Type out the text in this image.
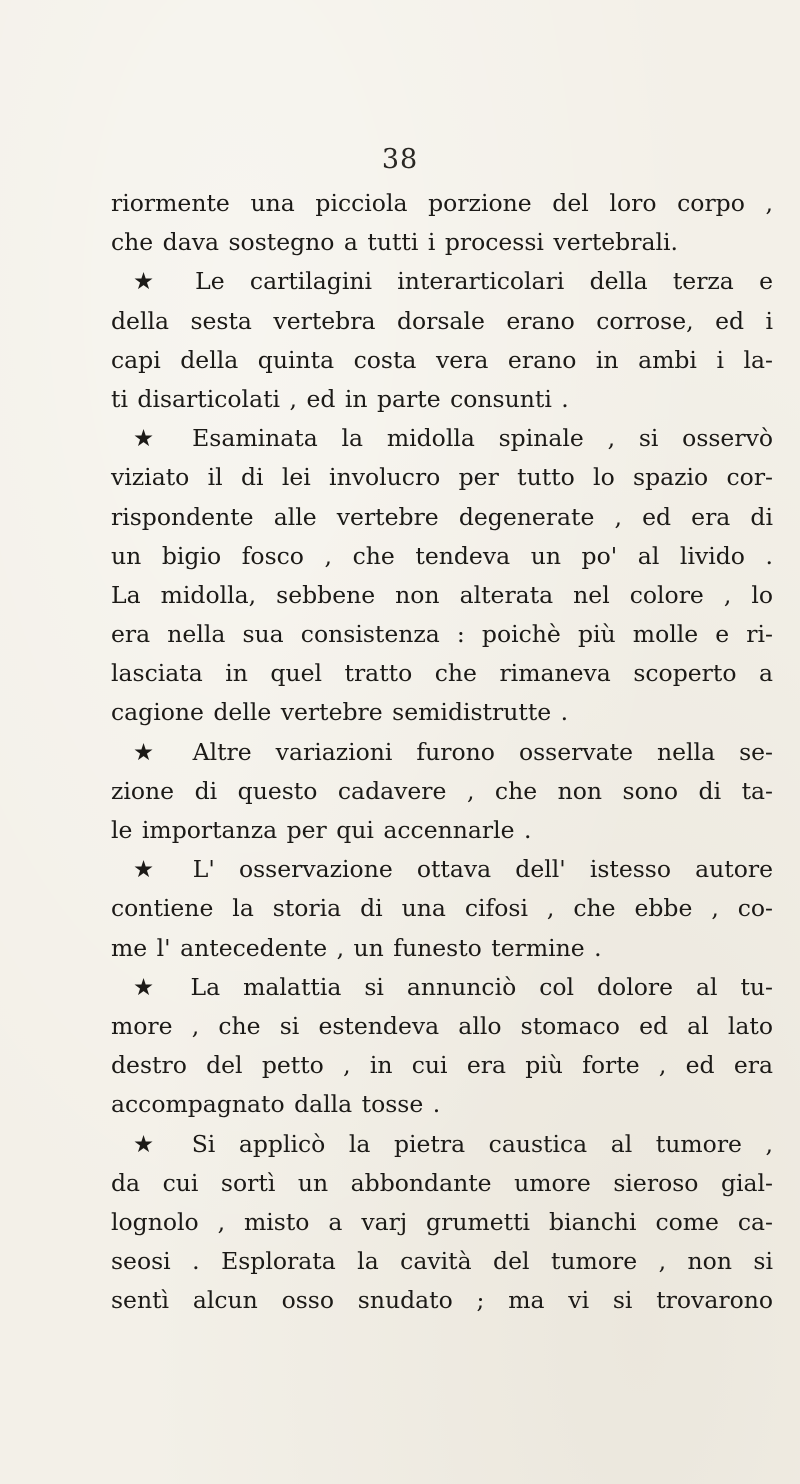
38
riormente una picciola porzione del loro corpo ,
che dava sostegno a tutti i processi vertebrali.
★ Le cartilagini interarticolari della terza e
della sesta vertebra dorsale erano corrose, ed i
capi della quinta costa vera erano in ambi i la-
ti disarticolati , ed in parte consunti .
★ Esaminata la midolla spinale , si osservò
viziato il di lei involucro per tutto lo spazio cor-
rispondente alle vertebre degenerate , ed era di
un bigio fosco , che tendeva un po' al livido .
La midolla, sebbene non alterata nel colore , lo
era nella sua consistenza : poichè più molle e ri-
lasciata in quel tratto che rimaneva scoperto a
cagione delle vertebre semidistrutte .
★ Altre variazioni furono osservate nella se-
zione di questo cadavere , che non sono di ta-
le importanza per qui accennarle .
★ L' osservazione ottava dell' istesso autore
contiene la storia di una cifosi , che ebbe , co-
me l' antecedente , un funesto termine .
★ La malattia si annunciò col dolore al tu-
more , che si estendeva allo stomaco ed al lato
destro del petto , in cui era più forte , ed era
accompagnato dalla tosse .
★ Si applicò la pietra caustica al tumore ,
da cui sortì un abbondante umore sieroso gial-
lognolo , misto a varj grumetti bianchi come ca-
seosi . Esplorata la cavità del tumore , non si
sentì alcun osso snudato ; ma vi si trovarono
